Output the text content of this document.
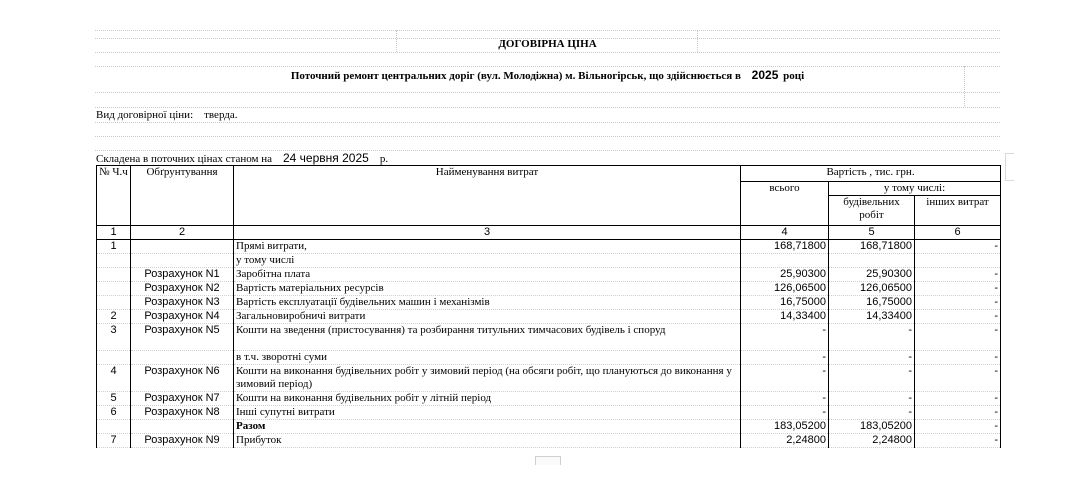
ДОГОВІРНА ЦІНА
Поточний ремонт центральних доріг (вул. Молодіжна) м. Вільногірськ, що здійснюється в 2025 році
Вид договірної ціни: тверда.
Складена в поточних цінах станом на 24 червня 2025 р.
№ Ч.ч	Обґрунтування	Найменування витрат	Вартість , тис. грн.		
			всього	у тому числі:	
				будівельних робіт	інших витрат
1	2	3	4	5	6
1		Прямі витрати,	168,71800	168,71800	-
		у тому числі			
	Розрахунок N1	Заробітна плата	25,90300	25,90300	-
	Розрахунок N2	Вартість матеріальних ресурсів	126,06500	126,06500	-
	Розрахунок N3	Вартість експлуатації будівельних машин і механізмів	16,75000	16,75000	-
2	Розрахунок N4	Загальновиробничі витрати	14,33400	14,33400	-
3	Розрахунок N5	Кошти на зведення (пристосування) та розбирання титульних тимчасових будівель і споруд	-	-	-
		в т.ч. зворотні суми	-	-	-
4	Розрахунок N6	Кошти на виконання будівельних робіт у зимовий період (на обсяги робіт, що плануються до виконання у зимовий період)	-	-	-
5	Розрахунок N7	Кошти на виконання будівельних робіт у літній період	-	-	-
6	Розрахунок N8	Інші супутні витрати	-	-	-
		Разом	183,05200	183,05200	-
7	Розрахунок N9	Прибуток	2,24800	2,24800	-
